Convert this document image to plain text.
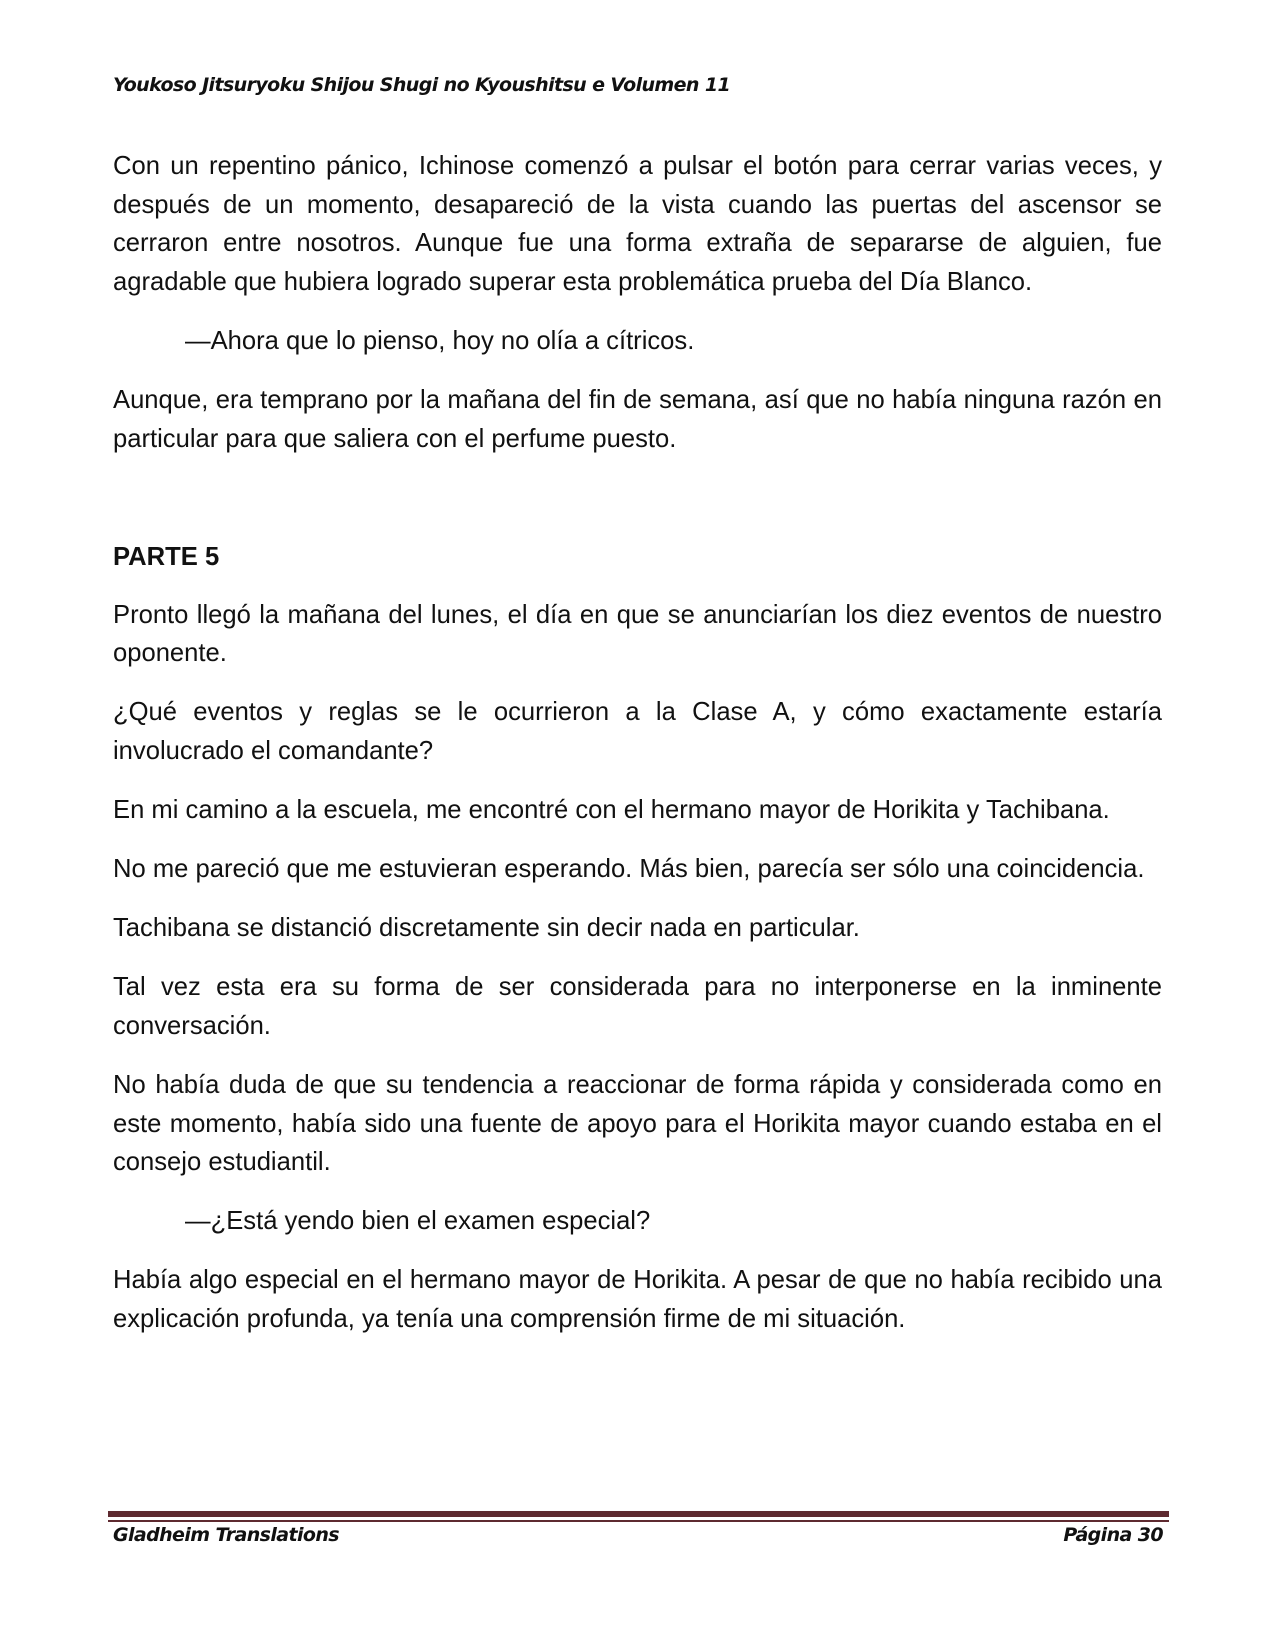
Youkoso Jitsuryoku Shijou Shugi no Kyoushitsu e Volumen 11

Con un repentino pánico, Ichinose comenzó a pulsar el botón para cerrar varias veces, y después de un momento, desapareció de la vista cuando las puertas del ascensor se cerraron entre nosotros. Aunque fue una forma extraña de separarse de alguien, fue agradable que hubiera logrado superar esta problemática prueba del Día Blanco.

—Ahora que lo pienso, hoy no olía a cítricos.

Aunque, era temprano por la mañana del fin de semana, así que no había ninguna razón en particular para que saliera con el perfume puesto.

PARTE 5

Pronto llegó la mañana del lunes, el día en que se anunciarían los diez eventos de nuestro oponente.

¿Qué eventos y reglas se le ocurrieron a la Clase A, y cómo exactamente estaría involucrado el comandante?

En mi camino a la escuela, me encontré con el hermano mayor de Horikita y Tachibana.

No me pareció que me estuvieran esperando. Más bien, parecía ser sólo una coincidencia.

Tachibana se distanció discretamente sin decir nada en particular.

Tal vez esta era su forma de ser considerada para no interponerse en la inminente conversación.

No había duda de que su tendencia a reaccionar de forma rápida y considerada como en este momento, había sido una fuente de apoyo para el Horikita mayor cuando estaba en el consejo estudiantil.

—¿Está yendo bien el examen especial?

Había algo especial en el hermano mayor de Horikita. A pesar de que no había recibido una explicación profunda, ya tenía una comprensión firme de mi situación.

Gladheim Translations	Página 30
